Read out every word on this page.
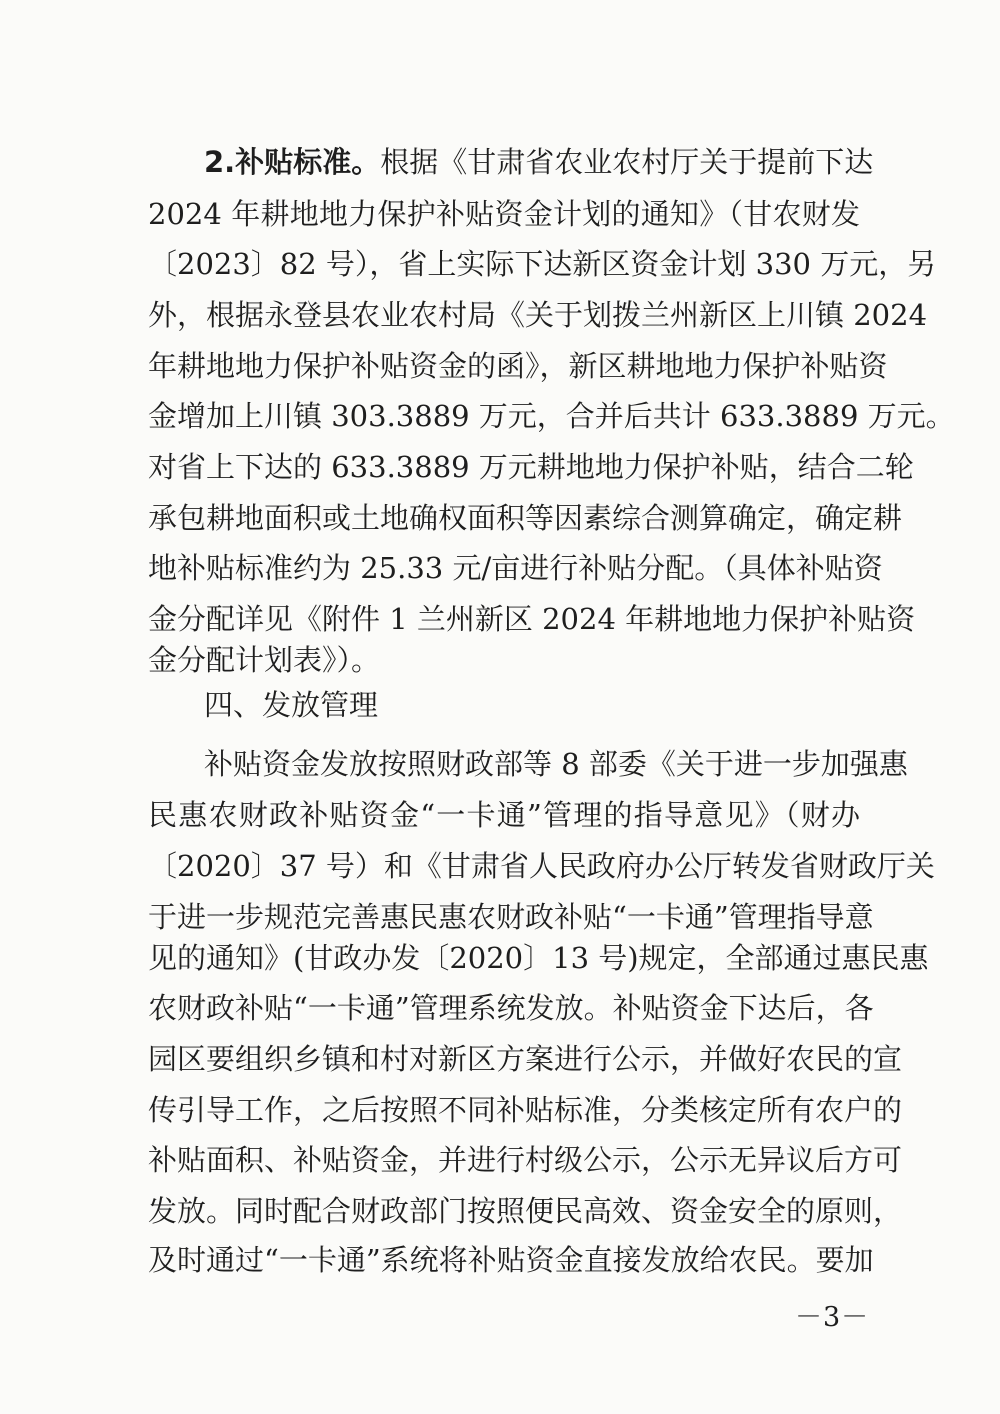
2.补贴标准。根据《甘肃省农业农村厅关于提前下达
2024 年耕地地力保护补贴资金计划的通知》（甘农财发
〔2023〕82 号），省上实际下达新区资金计划 330 万元，另
外，根据永登县农业农村局《关于划拨兰州新区上川镇 2024
年耕地地力保护补贴资金的函》，新区耕地地力保护补贴资
金增加上川镇 303.3889 万元，合并后共计 633.3889 万元。
对省上下达的 633.3889 万元耕地地力保护补贴，结合二轮
承包耕地面积或土地确权面积等因素综合测算确定，确定耕
地补贴标准约为 25.33 元/亩进行补贴分配。（具体补贴资
金分配详见《附件 1 兰州新区 2024 年耕地地力保护补贴资
金分配计划表》）。
四、发放管理
补贴资金发放按照财政部等 8 部委《关于进一步加强惠
民惠农财政补贴资金“一卡通”管理的指导意见》（财办
〔2020〕37 号）和《甘肃省人民政府办公厅转发省财政厅关
于进一步规范完善惠民惠农财政补贴“一卡通”管理指导意
见的通知》(甘政办发〔2020〕13 号)规定，全部通过惠民惠
农财政补贴“一卡通”管理系统发放。补贴资金下达后，各
园区要组织乡镇和村对新区方案进行公示，并做好农民的宣
传引导工作，之后按照不同补贴标准，分类核定所有农户的
补贴面积、补贴资金，并进行村级公示，公示无异议后方可
发放。同时配合财政部门按照便民高效、资金安全的原则，
及时通过“一卡通”系统将补贴资金直接发放给农民。要加
－3－
